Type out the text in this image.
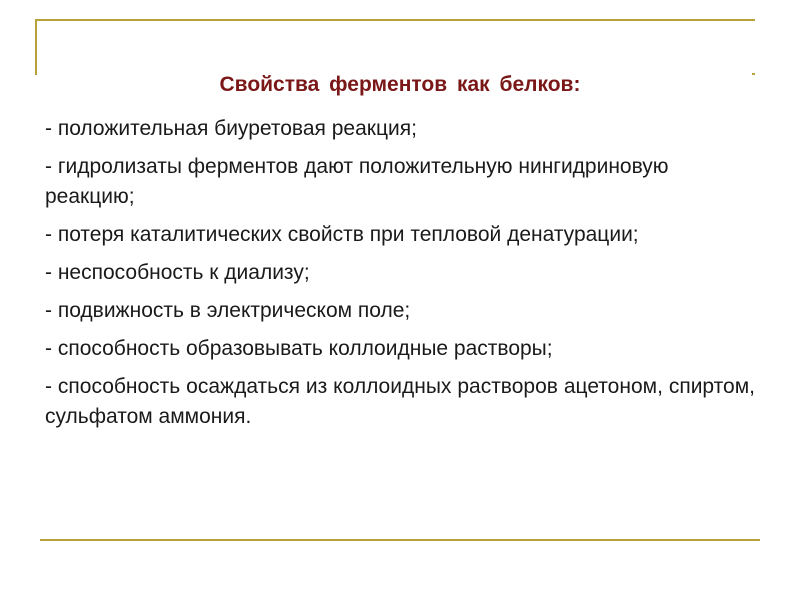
Свойства ферментов как белков:
- положительная биуретовая реакция;
- гидролизаты ферментов дают положительную нингидриновую реакцию;
- потеря каталитических свойств при тепловой денатурации;
- неспособность к диализу;
- подвижность в электрическом поле;
- способность образовывать коллоидные растворы;
- способность осаждаться из коллоидных растворов ацетоном, спиртом, сульфатом аммония.
